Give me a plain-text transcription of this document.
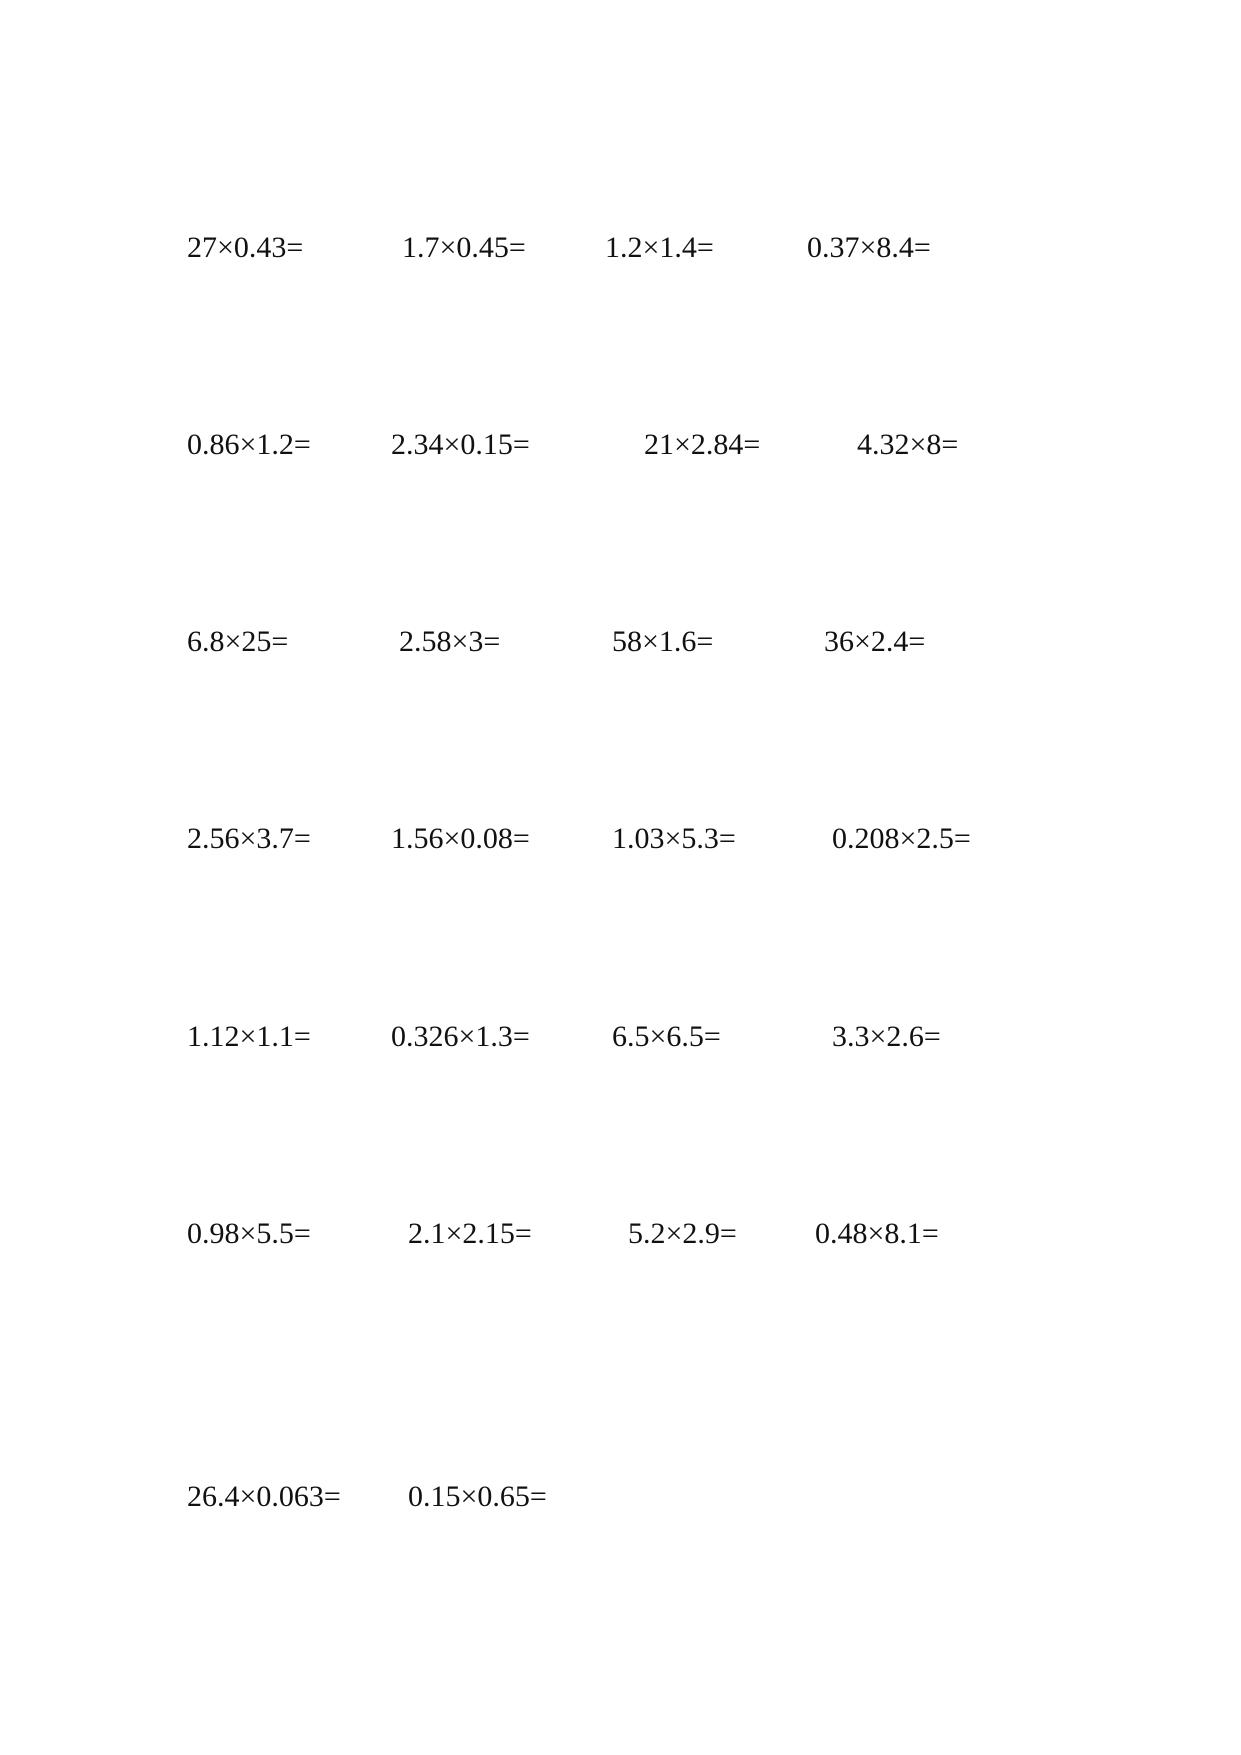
27×0.43=	1.7×0.45=	1.2×1.4=	0.37×8.4=
0.86×1.2=	2.34×0.15=	21×2.84=	4.32×8=
6.8×25=	2.58×3=	58×1.6=	36×2.4=
2.56×3.7=	1.56×0.08=	1.03×5.3=	0.208×2.5=
1.12×1.1=	0.326×1.3=	6.5×6.5=	3.3×2.6=
0.98×5.5=	2.1×2.15=	5.2×2.9=	0.48×8.1=
26.4×0.063= 0.15×0.65=
